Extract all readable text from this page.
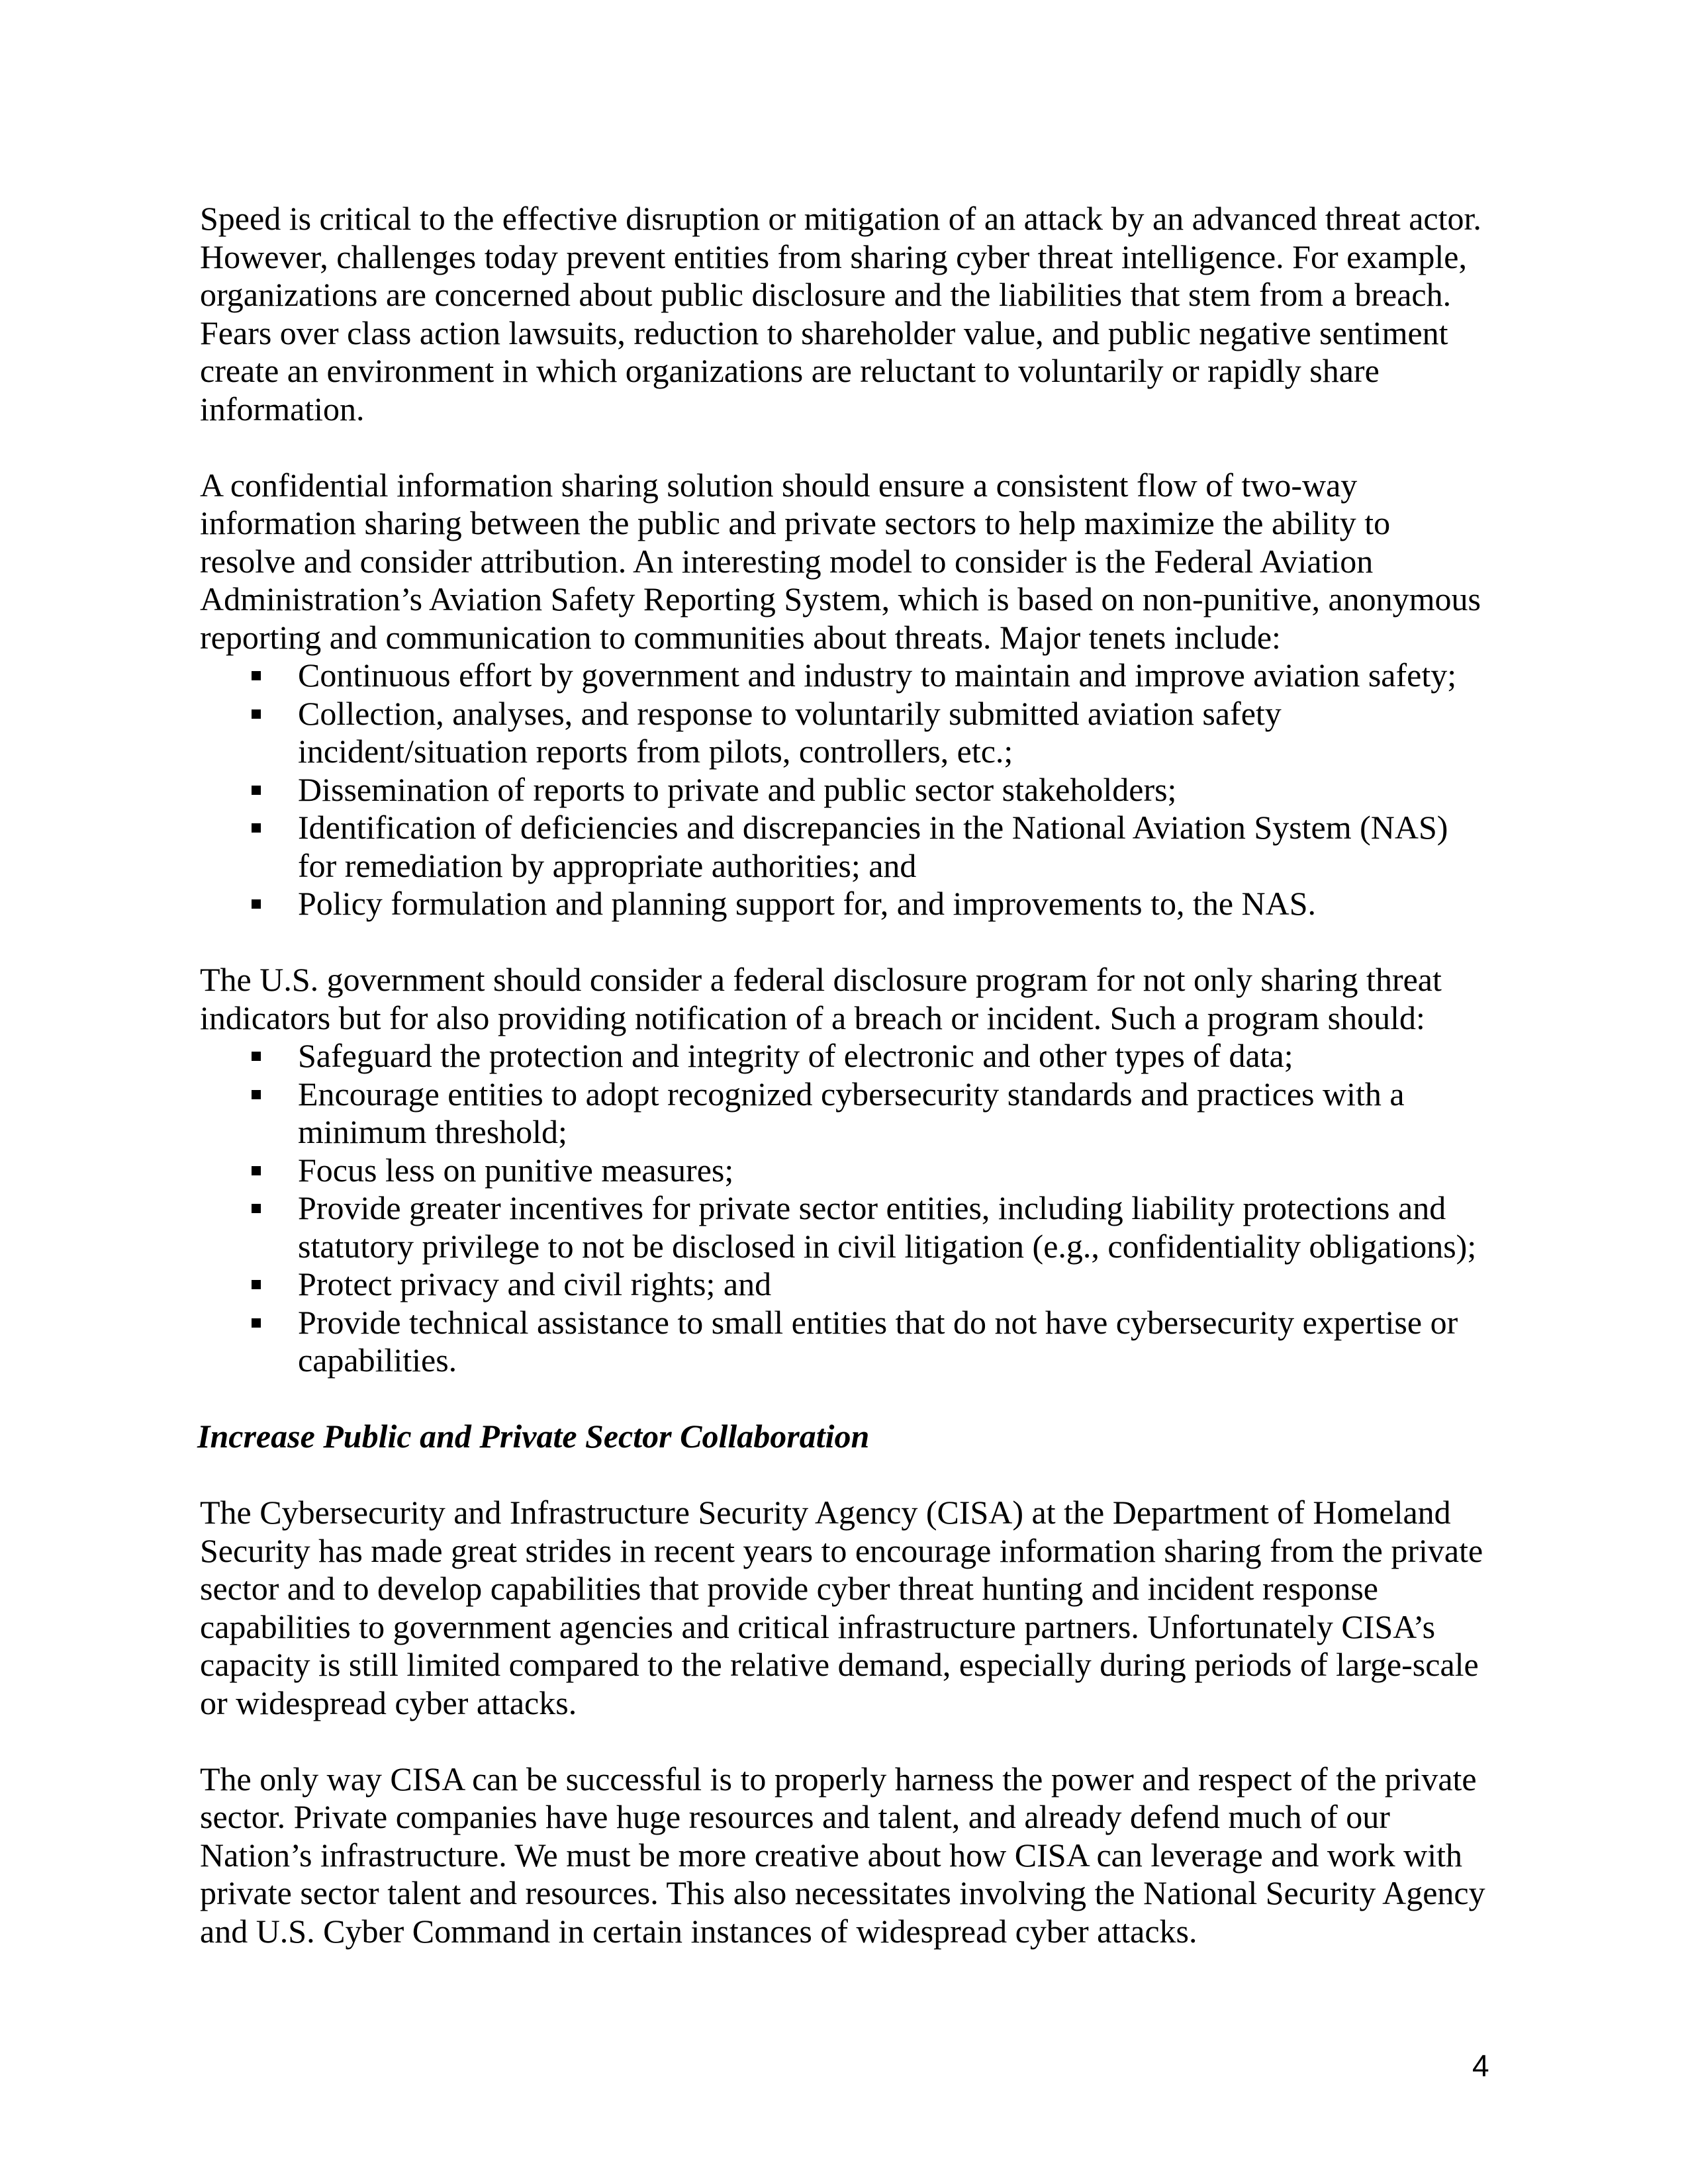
Speed is critical to the effective disruption or mitigation of an attack by an advanced threat actor.
However, challenges today prevent entities from sharing cyber threat intelligence. For example,
organizations are concerned about public disclosure and the liabilities that stem from a breach.
Fears over class action lawsuits, reduction to shareholder value, and public negative sentiment
create an environment in which organizations are reluctant to voluntarily or rapidly share
information.
A confidential information sharing solution should ensure a consistent flow of two-way
information sharing between the public and private sectors to help maximize the ability to
resolve and consider attribution. An interesting model to consider is the Federal Aviation
Administration’s Aviation Safety Reporting System, which is based on non-punitive, anonymous
reporting and communication to communities about threats. Major tenets include:
Continuous effort by government and industry to maintain and improve aviation safety;
Collection, analyses, and response to voluntarily submitted aviation safety
incident/situation reports from pilots, controllers, etc.;
Dissemination of reports to private and public sector stakeholders;
Identification of deficiencies and discrepancies in the National Aviation System (NAS)
for remediation by appropriate authorities; and
Policy formulation and planning support for, and improvements to, the NAS.
The U.S. government should consider a federal disclosure program for not only sharing threat
indicators but for also providing notification of a breach or incident. Such a program should:
Safeguard the protection and integrity of electronic and other types of data;
Encourage entities to adopt recognized cybersecurity standards and practices with a
minimum threshold;
Focus less on punitive measures;
Provide greater incentives for private sector entities, including liability protections and
statutory privilege to not be disclosed in civil litigation (e.g., confidentiality obligations);
Protect privacy and civil rights; and
Provide technical assistance to small entities that do not have cybersecurity expertise or
capabilities.
Increase Public and Private Sector Collaboration
The Cybersecurity and Infrastructure Security Agency (CISA) at the Department of Homeland
Security has made great strides in recent years to encourage information sharing from the private
sector and to develop capabilities that provide cyber threat hunting and incident response
capabilities to government agencies and critical infrastructure partners. Unfortunately CISA’s
capacity is still limited compared to the relative demand, especially during periods of large-scale
or widespread cyber attacks.
The only way CISA can be successful is to properly harness the power and respect of the private
sector. Private companies have huge resources and talent, and already defend much of our
Nation’s infrastructure. We must be more creative about how CISA can leverage and work with
private sector talent and resources. This also necessitates involving the National Security Agency
and U.S. Cyber Command in certain instances of widespread cyber attacks.
4
